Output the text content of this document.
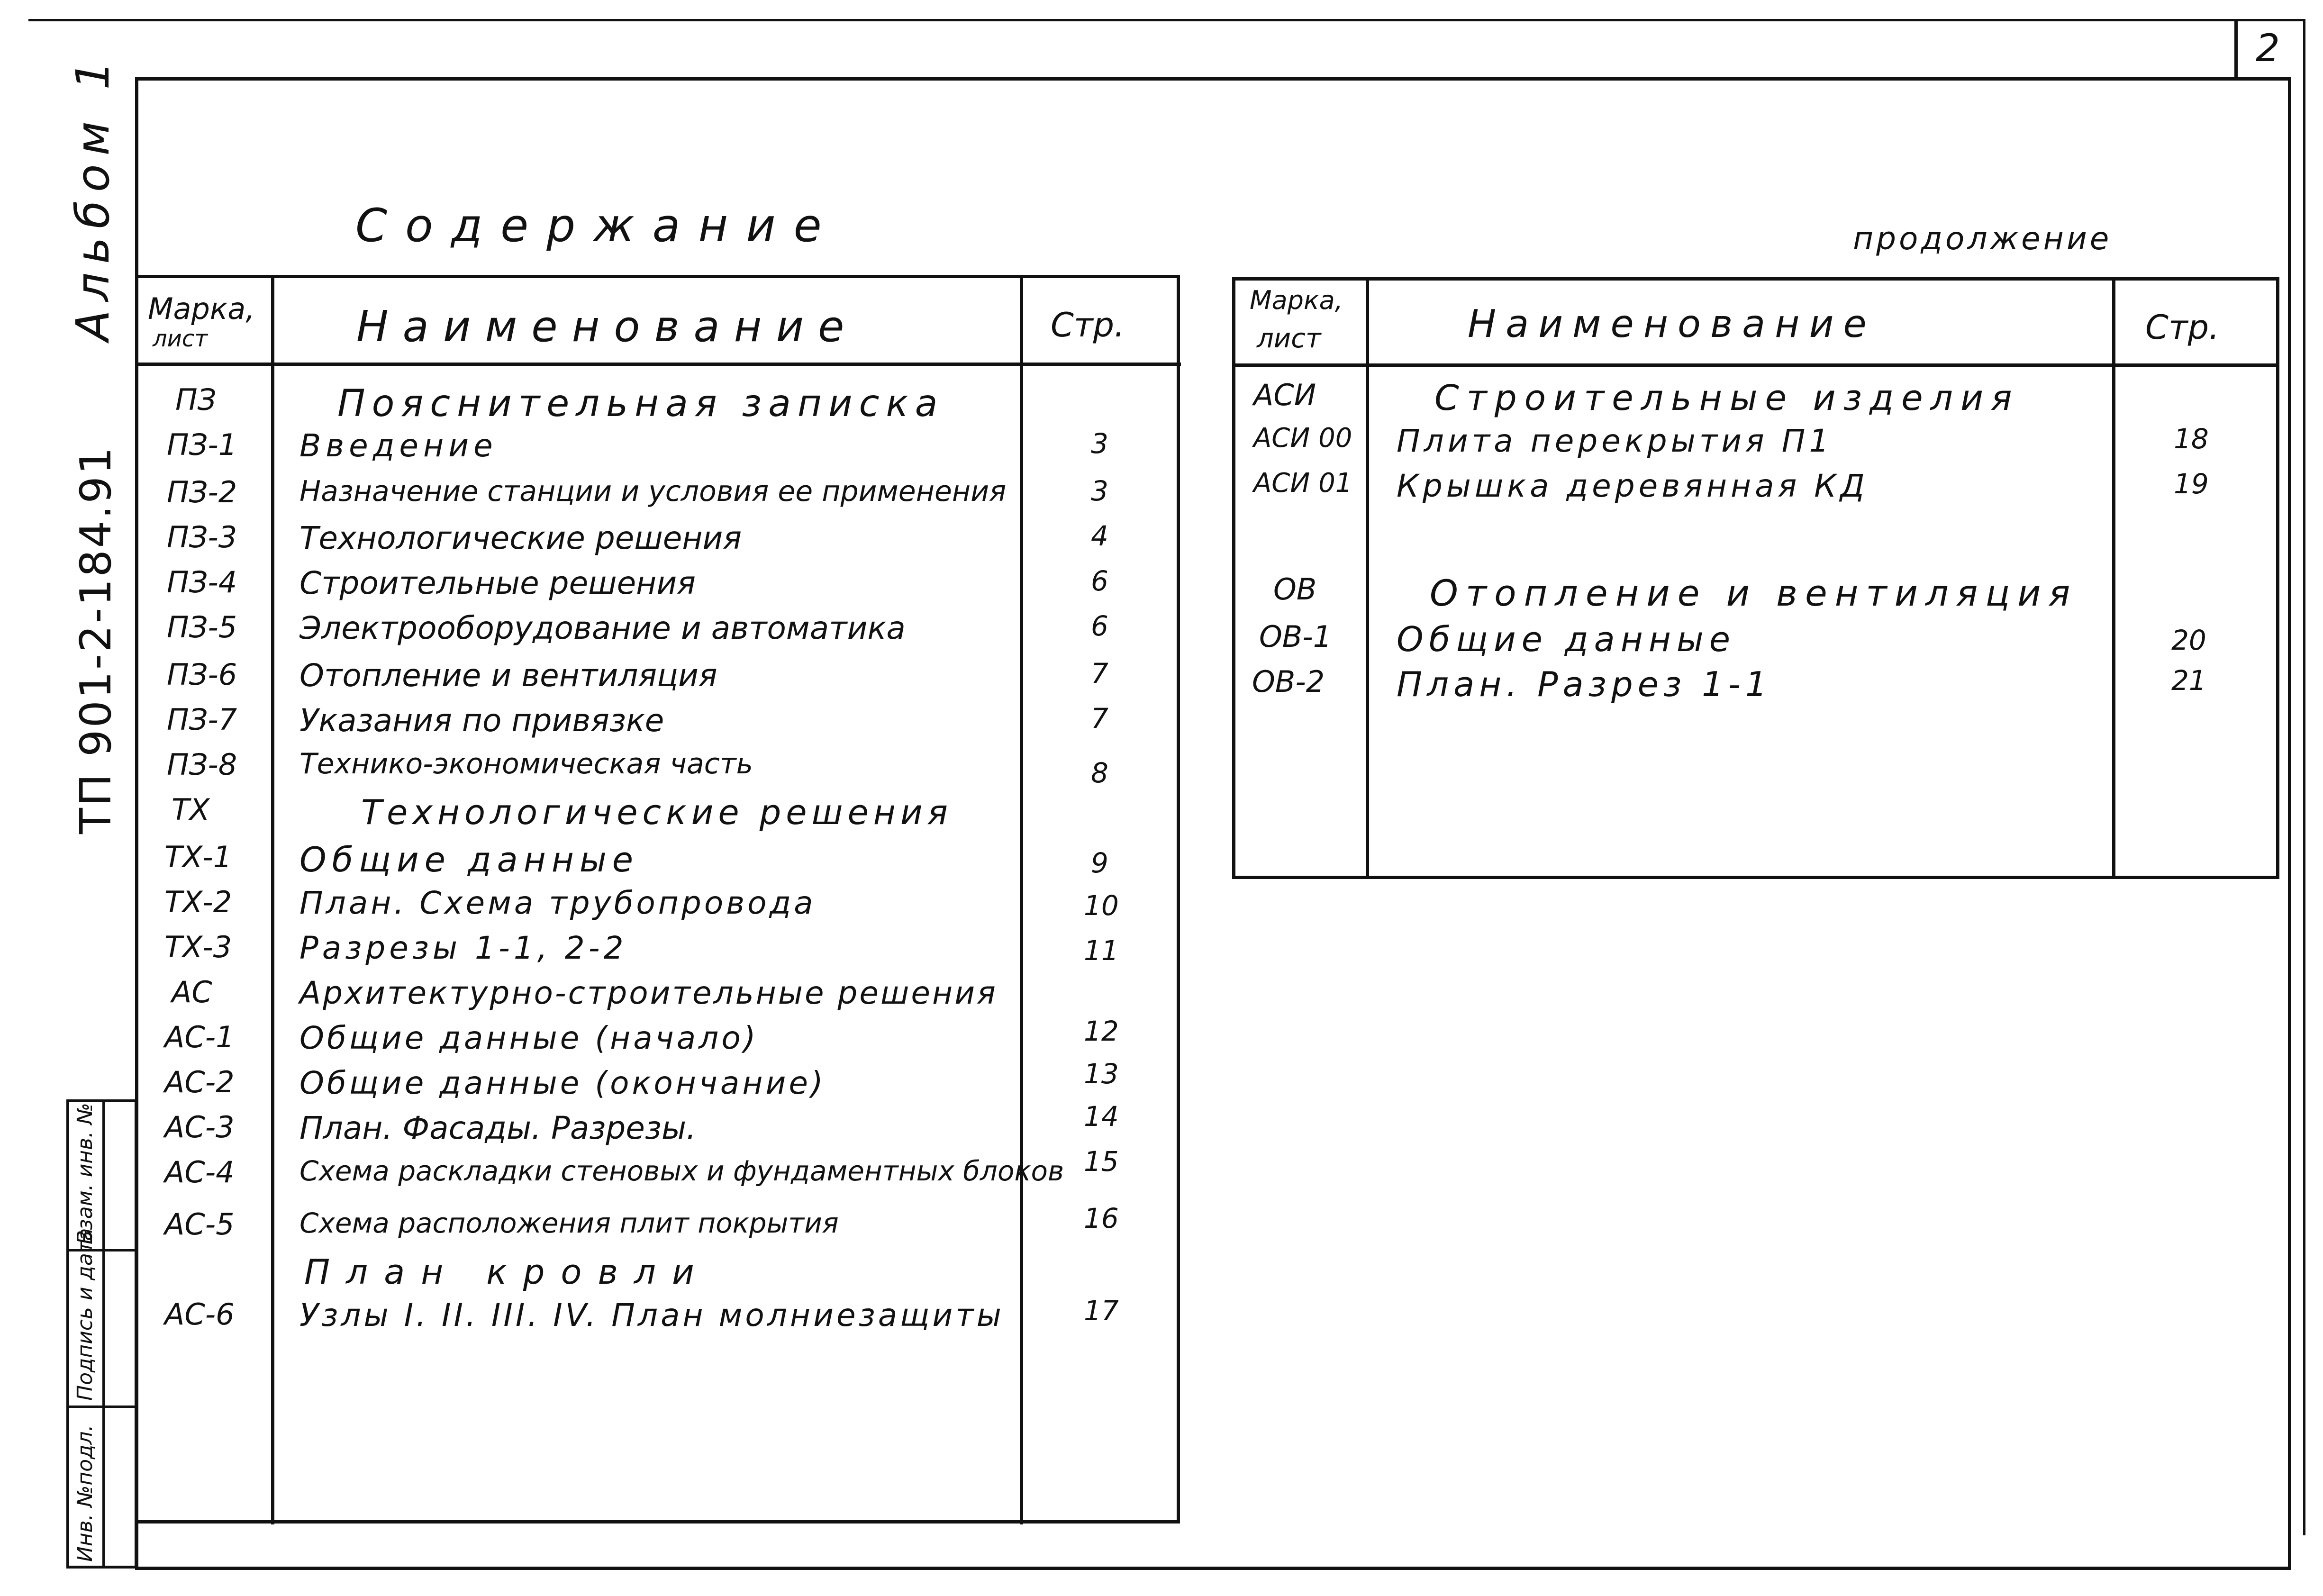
2
Альбом 1
ТП 901-2-184.91
Инв. №подл.
Подпись и дата
Взам. инв. №
Содержание
Марка,
лист	Наименование	Стр.
ПЗ	Пояснительная записка
ПЗ-1 Введение	3
ПЗ-2 Назначение станции и условия ее применения	3
ПЗ-3 Технологические решения	4
ПЗ-4 Строительные решения	6
ПЗ-5 Электрооборудование и автоматика	6
ПЗ-6 Отопление и вентиляция	7
ПЗ-7 Указания по привязке	7
ПЗ-8 Технико-экономическая часть	8
ТХ	Технологические решения
ТХ-1 Общие данные	9
ТХ-2 План. Схема трубопровода	10
ТХ-3 Разрезы 1-1, 2-2	11
АС	Архитектурно-строительные решения
АС-1 Общие данные (начало)	12
АС-2 Общие данные (окончание)	13
АС-3 План. Фасады. Разрезы.	14
АС-4 Схема раскладки стеновых и фундаментных блоков 15
АС-5 Схема расположения плит покрытия	16
План кровли
АС-6 Узлы I. II. III. IV. План молниезащиты	17
продолжение
Марка,
лист	Наименование	Стр.
АСИ	Строительные изделия
АСИ 00 Плита перекрытия П1	18
АСИ 01 Крышка деревянная КД	19
ОВ	Отопление и вентиляция
ОВ-1 Общие данные	20
ОВ-2 План. Разрез 1-1	21
